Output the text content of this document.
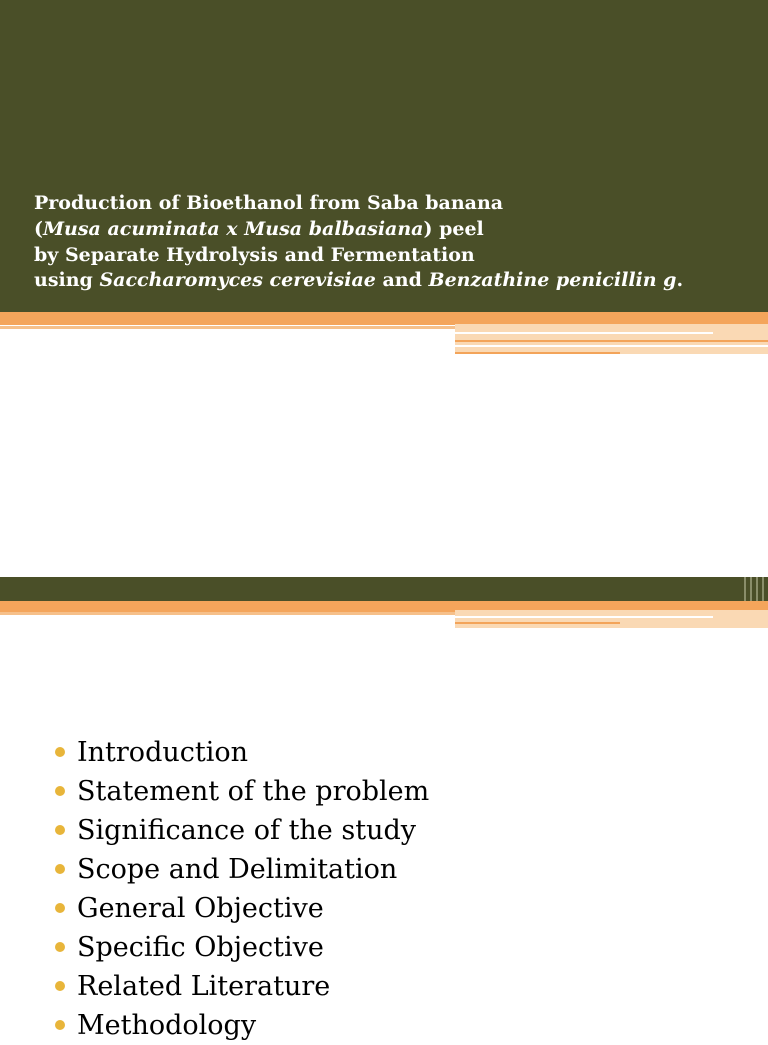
Production of Bioethanol from Saba banana
(Musa acuminata x Musa balbasiana) peel
by Separate Hydrolysis and Fermentation
using Saccharomyces cerevisiae and Benzathine penicillin g.
Introduction
Statement of the problem
Significance of the study
Scope and Delimitation
General Objective
Specific Objective
Related Literature
Methodology
